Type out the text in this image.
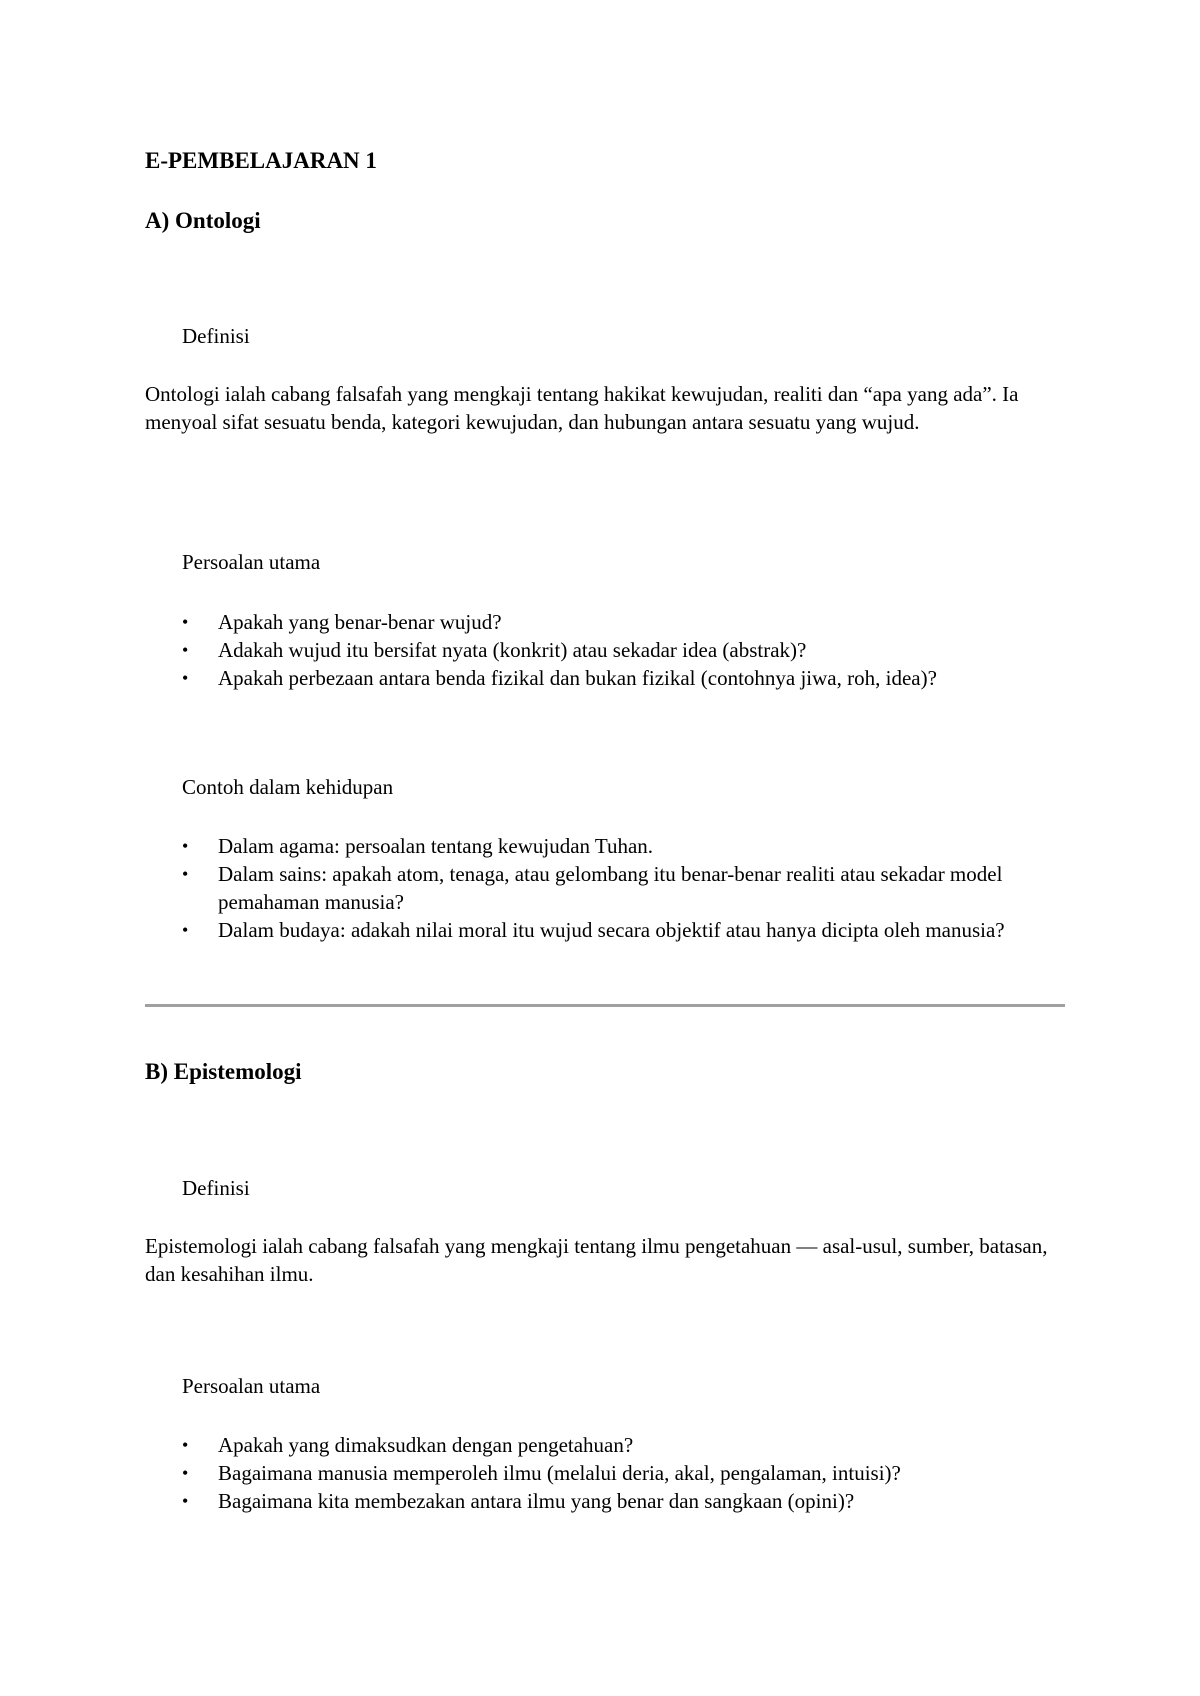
E-PEMBELAJARAN 1
A) Ontologi

Definisi

Ontologi ialah cabang falsafah yang mengkaji tentang hakikat kewujudan, realiti dan “apa yang ada”. Ia menyoal sifat sesuatu benda, kategori kewujudan, dan hubungan antara sesuatu yang wujud.

Persoalan utama

•	Apakah yang benar-benar wujud?
•	Adakah wujud itu bersifat nyata (konkrit) atau sekadar idea (abstrak)?
•	Apakah perbezaan antara benda fizikal dan bukan fizikal (contohnya jiwa, roh, idea)?

Contoh dalam kehidupan

•	Dalam agama: persoalan tentang kewujudan Tuhan.
•	Dalam sains: apakah atom, tenaga, atau gelombang itu benar-benar realiti atau sekadar model pemahaman manusia?
•	Dalam budaya: adakah nilai moral itu wujud secara objektif atau hanya dicipta oleh manusia?
B) Epistemologi

Definisi

Epistemologi ialah cabang falsafah yang mengkaji tentang ilmu pengetahuan — asal-usul, sumber, batasan, dan kesahihan ilmu.

Persoalan utama

•	Apakah yang dimaksudkan dengan pengetahuan?
•	Bagaimana manusia memperoleh ilmu (melalui deria, akal, pengalaman, intuisi)?
•	Bagaimana kita membezakan antara ilmu yang benar dan sangkaan (opini)?
